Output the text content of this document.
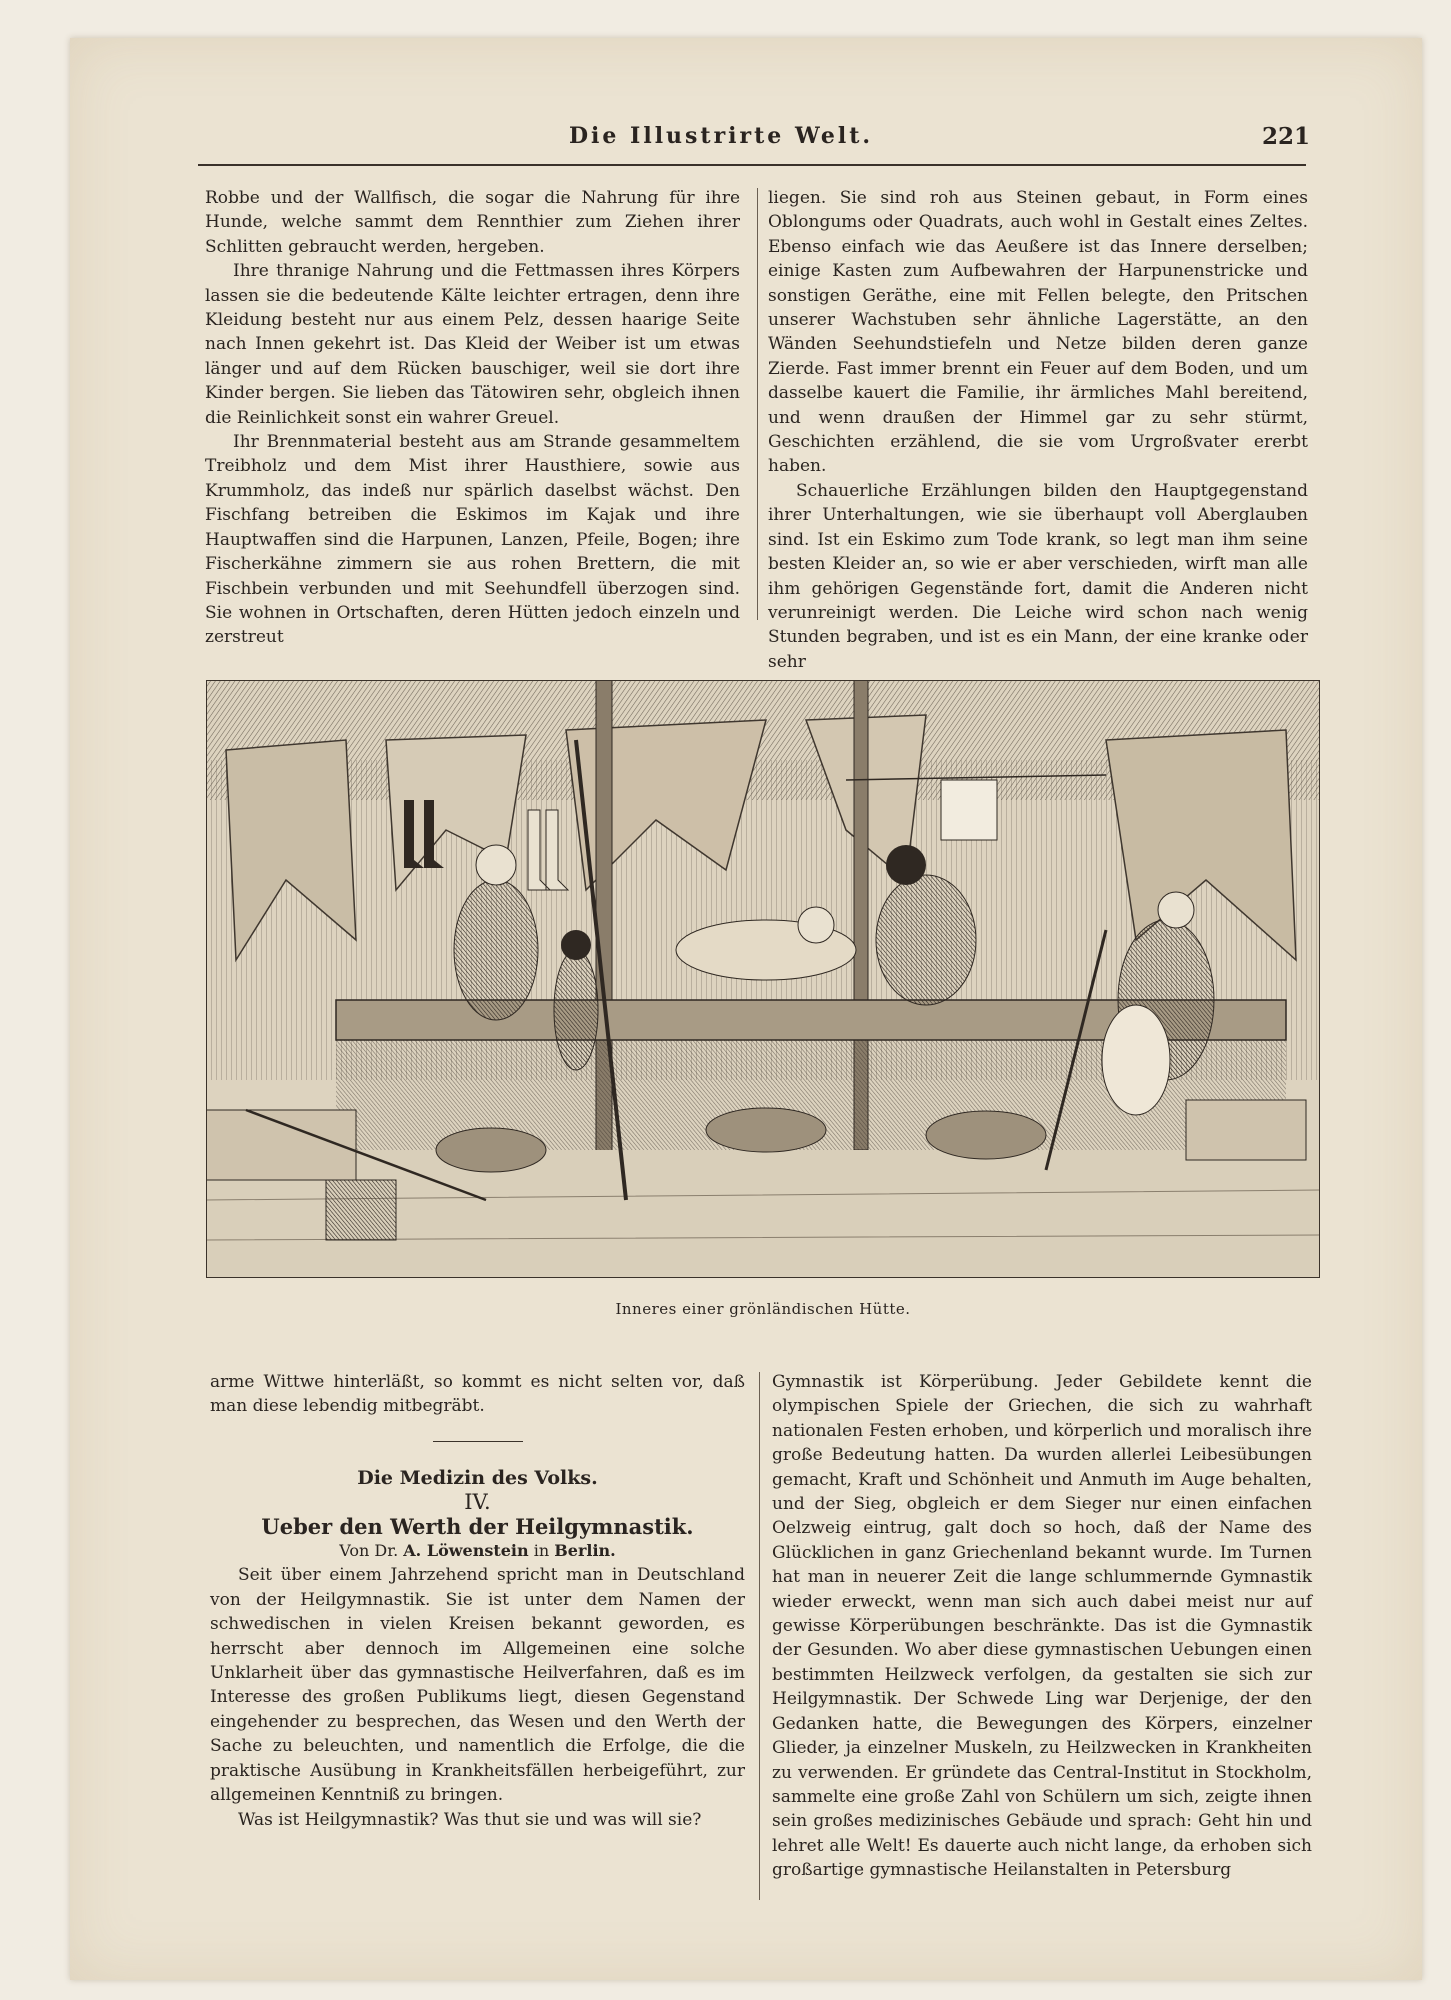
Die Illustrirte Welt.	221

Robbe und der Wallfisch, die sogar die Nahrung für ihre Hunde, welche sammt dem Rennthier zum Ziehen ihrer Schlitten gebraucht werden, hergeben.

Ihre thranige Nahrung und die Fettmassen ihres Körpers lassen sie die bedeutende Kälte leichter ertragen, denn ihre Kleidung besteht nur aus einem Pelz, dessen haarige Seite nach Innen gekehrt ist. Das Kleid der Weiber ist um etwas länger und auf dem Rücken bauschiger, weil sie dort ihre Kinder bergen. Sie lieben das Tätowiren sehr, obgleich ihnen die Reinlichkeit sonst ein wahrer Greuel.

Ihr Brennmaterial besteht aus am Strande gesammeltem Treibholz und dem Mist ihrer Hausthiere, sowie aus Krummholz, das indeß nur spärlich daselbst wächst. Den Fischfang betreiben die Eskimos im Kajak und ihre Hauptwaffen sind die Harpunen, Lanzen, Pfeile, Bogen; ihre Fischerkähne zimmern sie aus rohen Brettern, die mit Fischbein verbunden und mit Seehundfell überzogen sind. Sie wohnen in Ortschaften, deren Hütten jedoch einzeln und zerstreut

liegen. Sie sind roh aus Steinen gebaut, in Form eines Oblongums oder Quadrats, auch wohl in Gestalt eines Zeltes. Ebenso einfach wie das Aeußere ist das Innere derselben; einige Kasten zum Aufbewahren der Harpunenstricke und sonstigen Geräthe, eine mit Fellen belegte, den Pritschen unserer Wachstuben sehr ähnliche Lagerstätte, an den Wänden Seehundstiefeln und Netze bilden deren ganze Zierde. Fast immer brennt ein Feuer auf dem Boden, und um dasselbe kauert die Familie, ihr ärmliches Mahl bereitend, und wenn draußen der Himmel gar zu sehr stürmt, Geschichten erzählend, die sie vom Urgroßvater ererbt haben.

Schauerliche Erzählungen bilden den Hauptgegenstand ihrer Unterhaltungen, wie sie überhaupt voll Aberglauben sind. Ist ein Eskimo zum Tode krank, so legt man ihm seine besten Kleider an, so wie er aber verschieden, wirft man alle ihm gehörigen Gegenstände fort, damit die Anderen nicht verunreinigt werden. Die Leiche wird schon nach wenig Stunden begraben, und ist es ein Mann, der eine kranke oder sehr

Inneres einer grönländischen Hütte.

arme Wittwe hinterläßt, so kommt es nicht selten vor, daß man diese lebendig mitbegräbt.

Die Medizin des Volks.

IV.

Ueber den Werth der Heilgymnastik.

Von Dr. A. Löwenstein in Berlin.

Seit über einem Jahrzehend spricht man in Deutschland von der Heilgymnastik. Sie ist unter dem Namen der schwedischen in vielen Kreisen bekannt geworden, es herrscht aber dennoch im Allgemeinen eine solche Unklarheit über das gymnastische Heilverfahren, daß es im Interesse des großen Publikums liegt, diesen Gegenstand eingehender zu besprechen, das Wesen und den Werth der Sache zu beleuchten, und namentlich die Erfolge, die die praktische Ausübung in Krankheitsfällen herbeigeführt, zur allgemeinen Kenntniß zu bringen.

Was ist Heilgymnastik? Was thut sie und was will sie?

Gymnastik ist Körperübung. Jeder Gebildete kennt die olympischen Spiele der Griechen, die sich zu wahrhaft nationalen Festen erhoben, und körperlich und moralisch ihre große Bedeutung hatten. Da wurden allerlei Leibesübungen gemacht, Kraft und Schönheit und Anmuth im Auge behalten, und der Sieg, obgleich er dem Sieger nur einen einfachen Oelzweig eintrug, galt doch so hoch, daß der Name des Glücklichen in ganz Griechenland bekannt wurde. Im Turnen hat man in neuerer Zeit die lange schlummernde Gymnastik wieder erweckt, wenn man sich auch dabei meist nur auf gewisse Körperübungen beschränkte. Das ist die Gymnastik der Gesunden. Wo aber diese gymnastischen Uebungen einen bestimmten Heilzweck verfolgen, da gestalten sie sich zur Heilgymnastik. Der Schwede Ling war Derjenige, der den Gedanken hatte, die Bewegungen des Körpers, einzelner Glieder, ja einzelner Muskeln, zu Heilzwecken in Krankheiten zu verwenden. Er gründete das Central-Institut in Stockholm, sammelte eine große Zahl von Schülern um sich, zeigte ihnen sein großes medizinisches Gebäude und sprach: Geht hin und lehret alle Welt! Es dauerte auch nicht lange, da erhoben sich großartige gymnastische Heilanstalten in Petersburg
